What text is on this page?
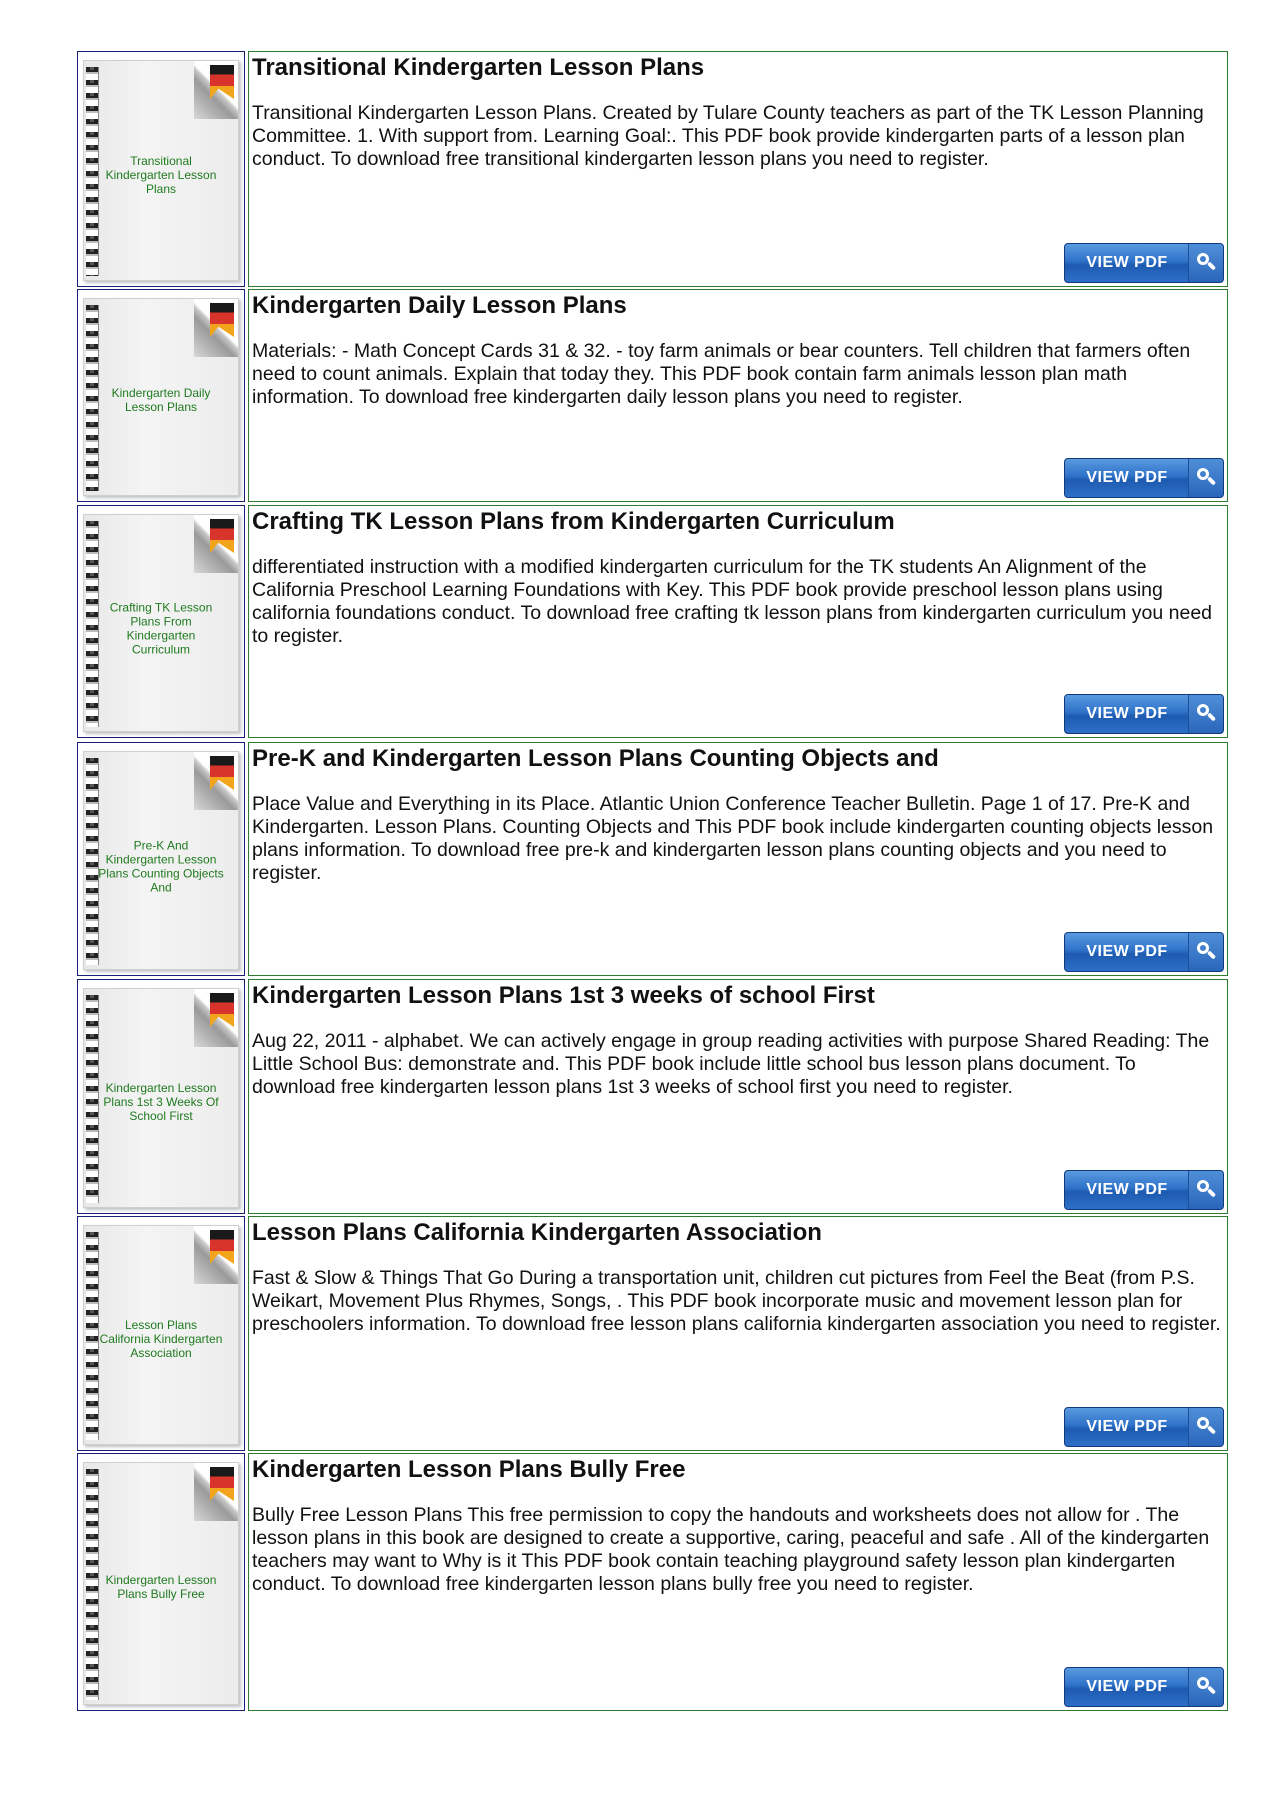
Transitional Kindergarten Lesson Plans
Transitional Kindergarten Lesson Plans
Transitional Kindergarten Lesson Plans. Created by Tulare County teachers as part of the TK Lesson Planning Committee. 1. With support from. Learning Goal:. This PDF book provide kindergarten parts of a lesson plan conduct. To download free transitional kindergarten lesson plans you need to register.
VIEW PDF
Kindergarten Daily Lesson Plans
Kindergarten Daily Lesson Plans
Materials: - Math Concept Cards 31 & 32. - toy farm animals or bear counters. Tell children that farmers often need to count animals. Explain that today they. This PDF book contain farm animals lesson plan math information. To download free kindergarten daily lesson plans you need to register.
VIEW PDF
Crafting TK Lesson Plans From Kindergarten Curriculum
Crafting TK Lesson Plans from Kindergarten Curriculum
differentiated instruction with a modified kindergarten curriculum for the TK students An Alignment of the California Preschool Learning Foundations with Key. This PDF book provide preschool lesson plans using california foundations conduct. To download free crafting tk lesson plans from kindergarten curriculum you need to register.
VIEW PDF
Pre-K And Kindergarten Lesson Plans Counting Objects And
Pre-K and Kindergarten Lesson Plans Counting Objects and
Place Value and Everything in its Place. Atlantic Union Conference Teacher Bulletin. Page 1 of 17. Pre-K and Kindergarten. Lesson Plans. Counting Objects and This PDF book include kindergarten counting objects lesson plans information. To download free pre-k and kindergarten lesson plans counting objects and you need to register.
VIEW PDF
Kindergarten Lesson Plans 1st 3 Weeks Of School First
Kindergarten Lesson Plans 1st 3 weeks of school First
Aug 22, 2011 - alphabet. We can actively engage in group reading activities with purpose Shared Reading: The Little School Bus: demonstrate and. This PDF book include little school bus lesson plans document. To download free kindergarten lesson plans 1st 3 weeks of school first you need to register.
VIEW PDF
Lesson Plans California Kindergarten Association
Lesson Plans California Kindergarten Association
Fast & Slow & Things That Go During a transportation unit, children cut pictures from Feel the Beat (from P.S. Weikart, Movement Plus Rhymes, Songs, . This PDF book incorporate music and movement lesson plan for preschoolers information. To download free lesson plans california kindergarten association you need to register.
VIEW PDF
Kindergarten Lesson Plans Bully Free
Kindergarten Lesson Plans Bully Free
Bully Free Lesson Plans This free permission to copy the handouts and worksheets does not allow for . The lesson plans in this book are designed to create a supportive, caring, peaceful and safe . All of the kindergarten teachers may want to Why is it This PDF book contain teaching playground safety lesson plan kindergarten conduct. To download free kindergarten lesson plans bully free you need to register.
VIEW PDF
